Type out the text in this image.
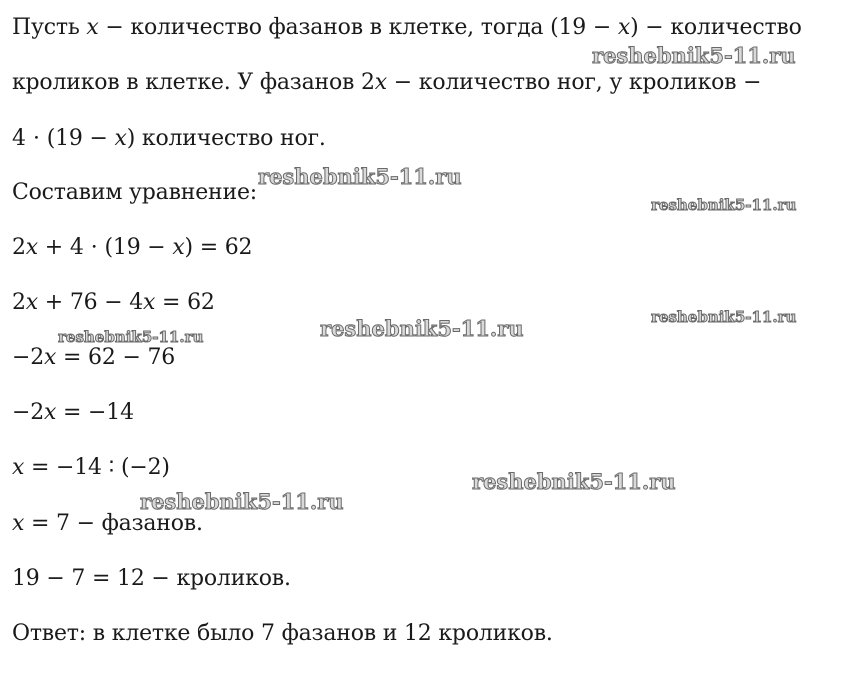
Пусть 𝑥 − количество фазанов в клетке, тогда (19 − 𝑥) − количество
кроликов в клетке. У фазанов 2𝑥 − количество ног, у кроликов −
4 ⋅ (19 − 𝑥) количество ног.
Составим уравнение:
2𝑥 + 4 ⋅ (19 − 𝑥) = 62
2𝑥 + 76 − 4𝑥 = 62
−2𝑥 = 62 − 76
−2𝑥 = −14
𝑥 = −14 ∶ (−2)
𝑥 = 7 − фазанов.
19 − 7 = 12 − кроликов.
Ответ: в клетке было 7 фазанов и 12 кроликов.
reshebnik5-11.ru
reshebnik5-11.ru
reshebnik5-11.ru
reshebnik5-11.ru
reshebnik5-11.ru
reshebnik5-11.ru
reshebnik5-11.ru
reshebnik5-11.ru
